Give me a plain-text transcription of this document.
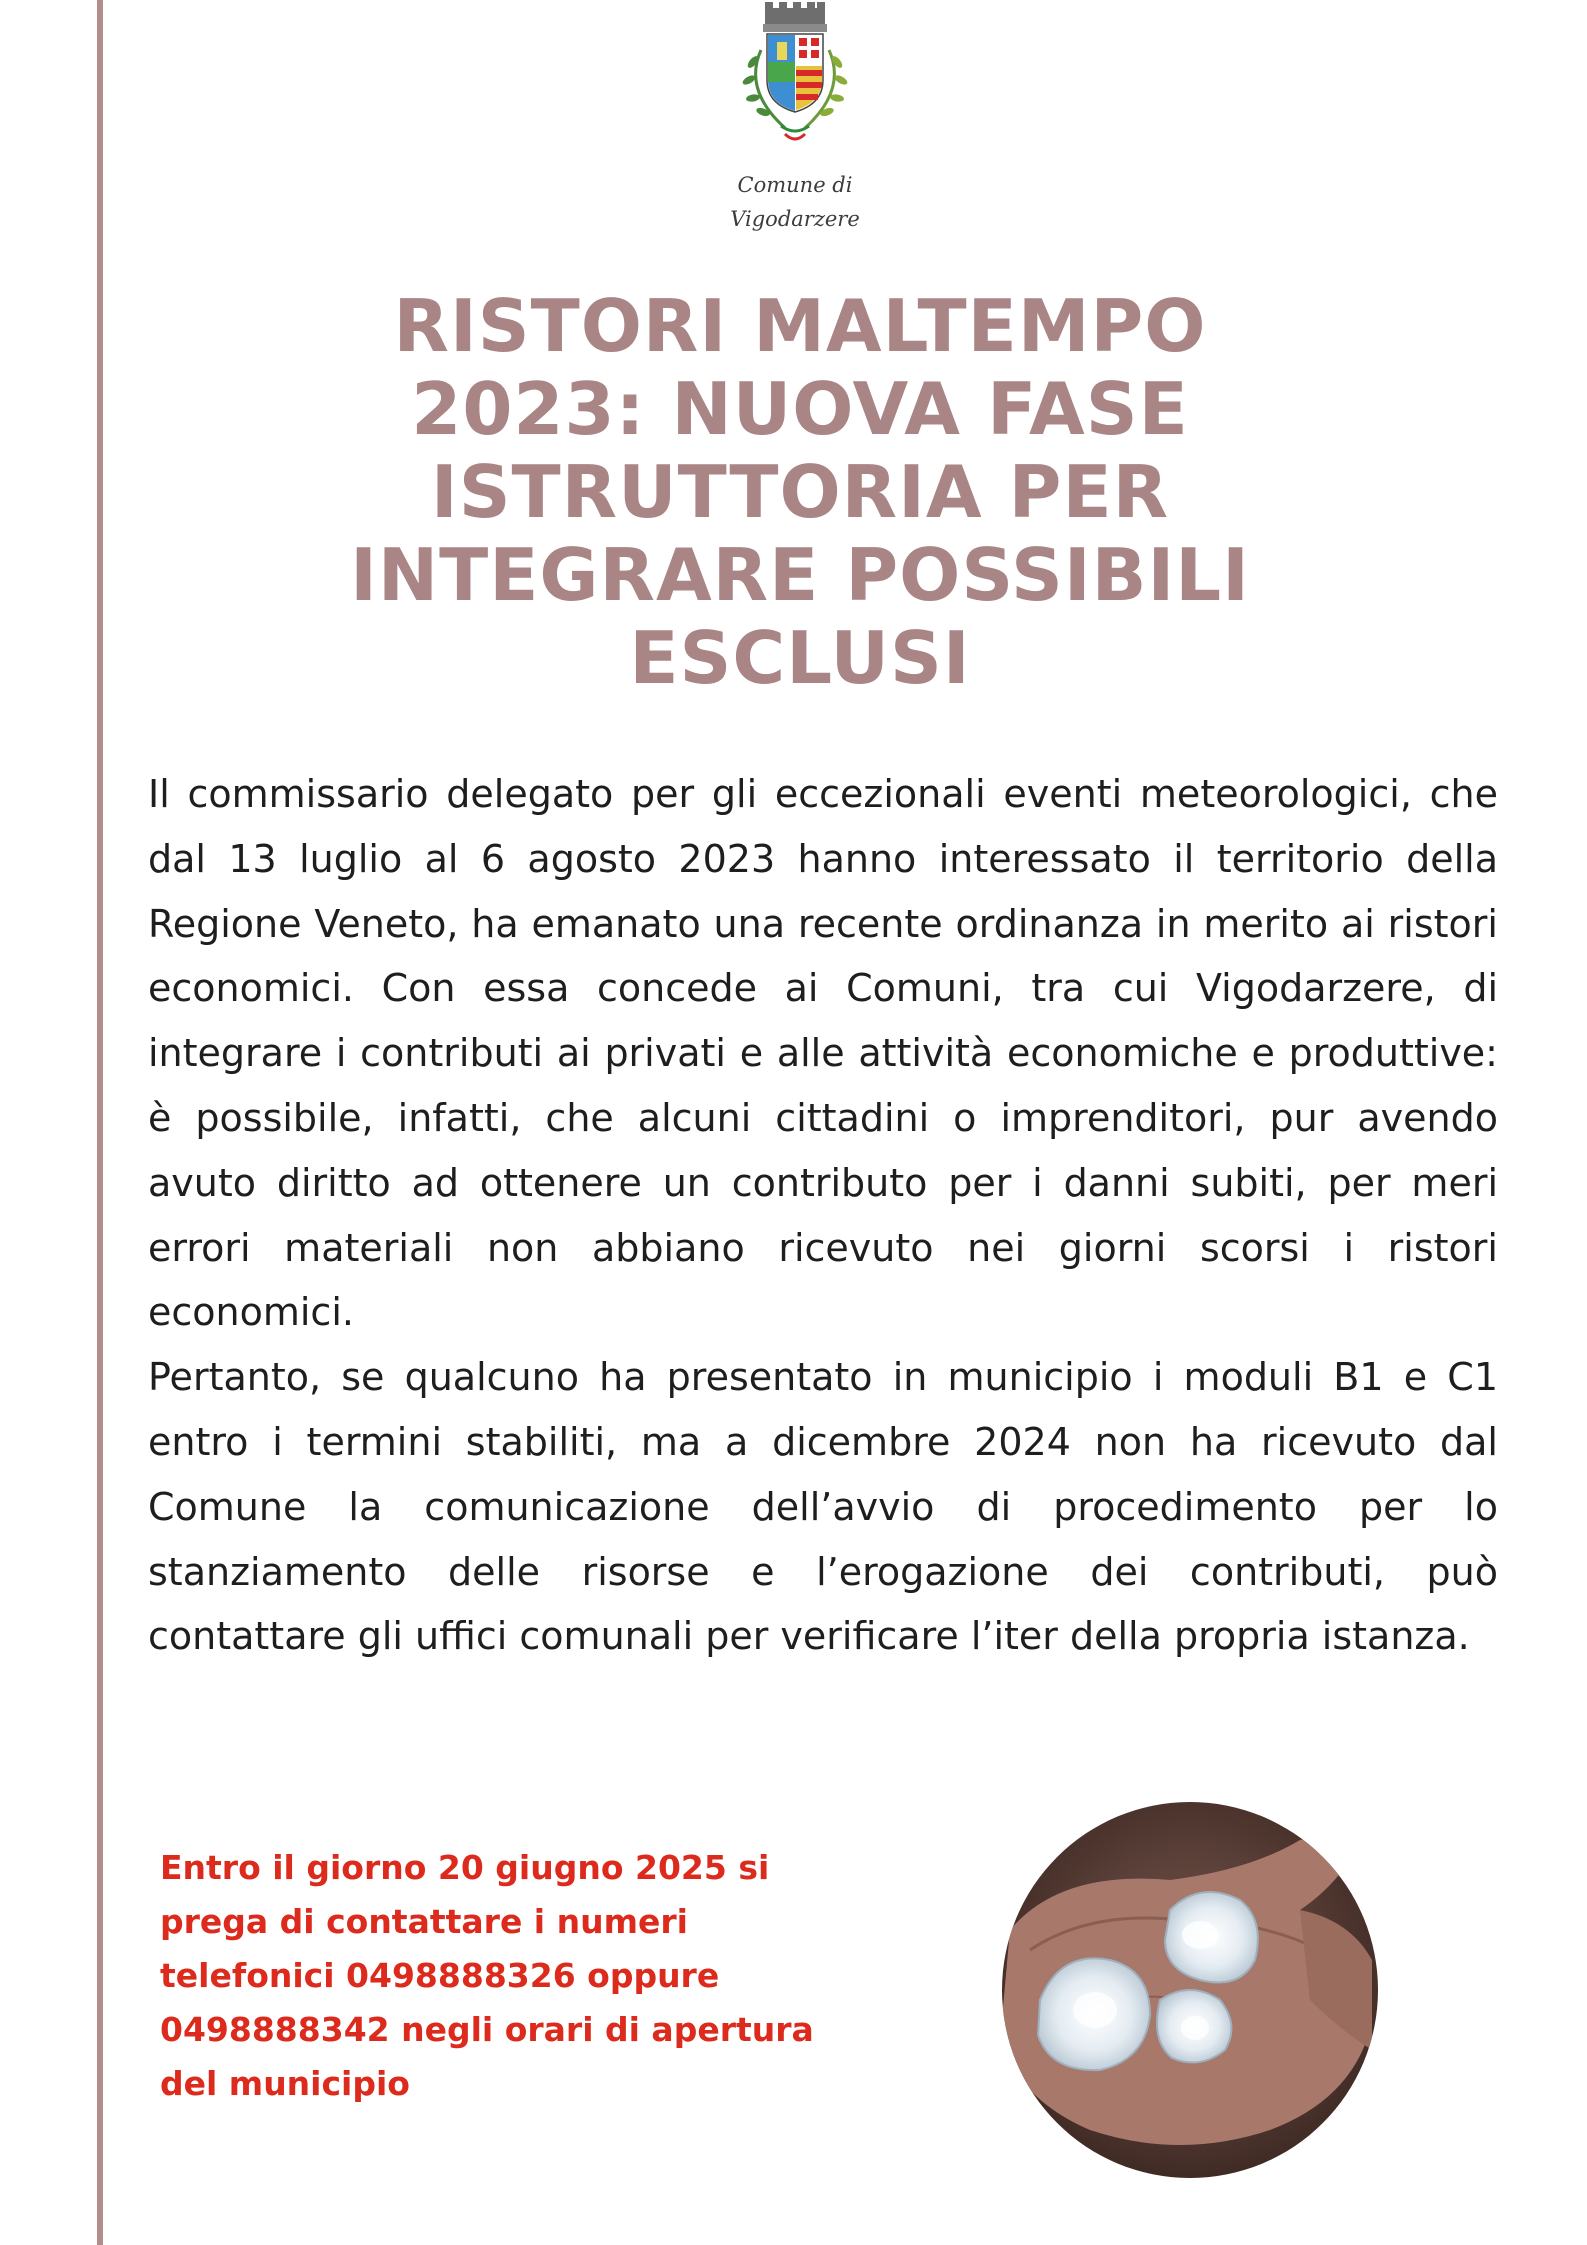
Comune di
Vigodarzere
RISTORI MALTEMPO
2023: NUOVA FASE
ISTRUTTORIA PER
INTEGRARE POSSIBILI
ESCLUSI

Il commissario delegato per gli eccezionali eventi meteorologici, che dal 13 luglio al 6 agosto 2023 hanno interessato il territorio della Regione Veneto, ha emanato una recente ordinanza in merito ai ristori economici. Con essa concede ai Comuni, tra cui Vigodarzere, di integrare i contributi ai privati e alle attività economiche e produttive: è possibile, infatti, che alcuni cittadini o imprenditori, pur avendo avuto diritto ad ottenere un contributo per i danni subiti, per meri errori materiali non abbiano ricevuto nei giorni scorsi i ristori economici.

Pertanto, se qualcuno ha presentato in municipio i moduli B1 e C1 entro i termini stabiliti, ma a dicembre 2024 non ha ricevuto dal Comune la comunicazione dell’avvio di procedimento per lo stanziamento delle risorse e l’erogazione dei contributi, può contattare gli uffici comunali per verificare l’iter della propria istanza.

Entro il giorno 20 giugno 2025 si
prega di contattare i numeri
telefonici 0498888326 oppure
0498888342 negli orari di apertura
del municipio
